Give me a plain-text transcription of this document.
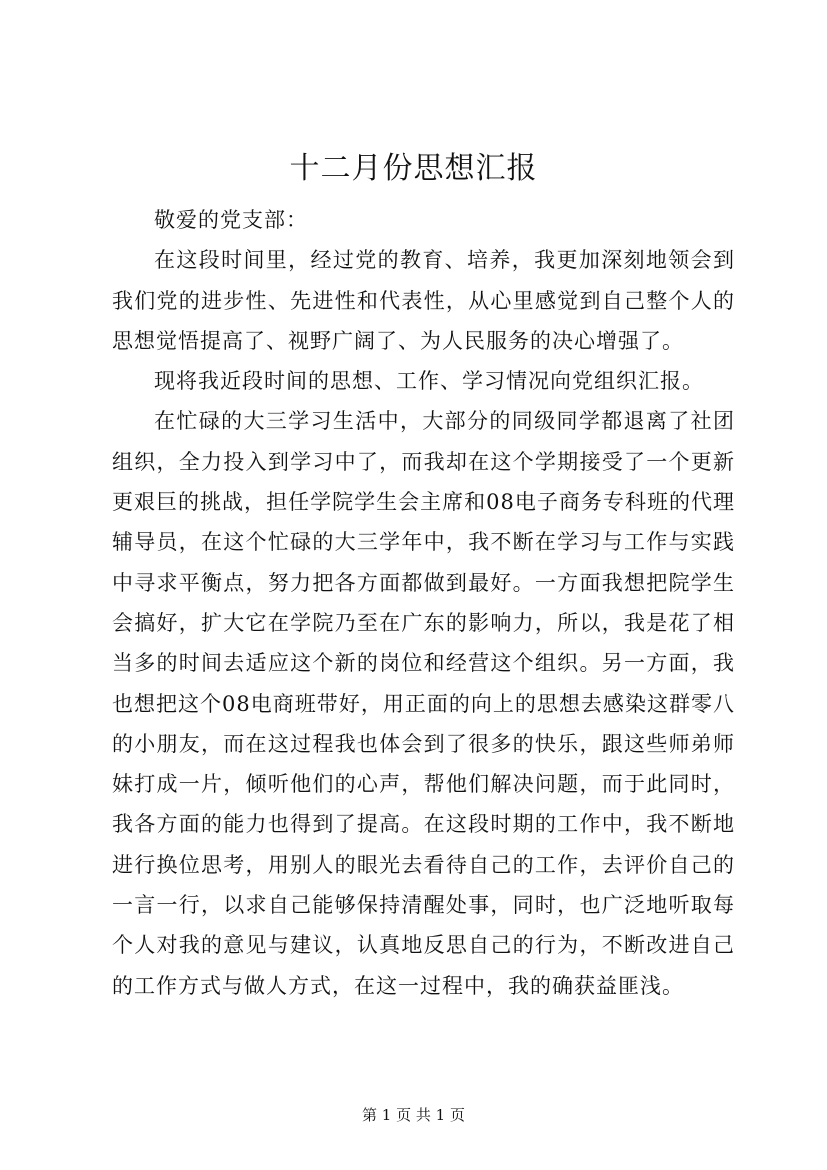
十二月份思想汇报

敬爱的党支部：

在这段时间里，经过党的教育、培养，我更加深刻地领会到我们党的进步性、先进性和代表性，从心里感觉到自己整个人的思想觉悟提高了、视野广阔了、为人民服务的决心增强了。

现将我近段时间的思想、工作、学习情况向党组织汇报。

在忙碌的大三学习生活中，大部分的同级同学都退离了社团组织，全力投入到学习中了，而我却在这个学期接受了一个更新更艰巨的挑战，担任学院学生会主席和08电子商务专科班的代理辅导员，在这个忙碌的大三学年中，我不断在学习与工作与实践中寻求平衡点，努力把各方面都做到最好。一方面我想把院学生会搞好，扩大它在学院乃至在广东的影响力，所以，我是花了相当多的时间去适应这个新的岗位和经营这个组织。另一方面，我也想把这个08电商班带好，用正面的向上的思想去感染这群零八的小朋友，而在这过程我也体会到了很多的快乐，跟这些师弟师妹打成一片，倾听他们的心声，帮他们解决问题，而于此同时，我各方面的能力也得到了提高。在这段时期的工作中，我不断地进行换位思考，用别人的眼光去看待自己的工作，去评价自己的一言一行，以求自己能够保持清醒处事，同时，也广泛地听取每个人对我的意见与建议，认真地反思自己的行为，不断改进自己的工作方式与做人方式，在这一过程中，我的确获益匪浅。

第 1 页 共 1 页
